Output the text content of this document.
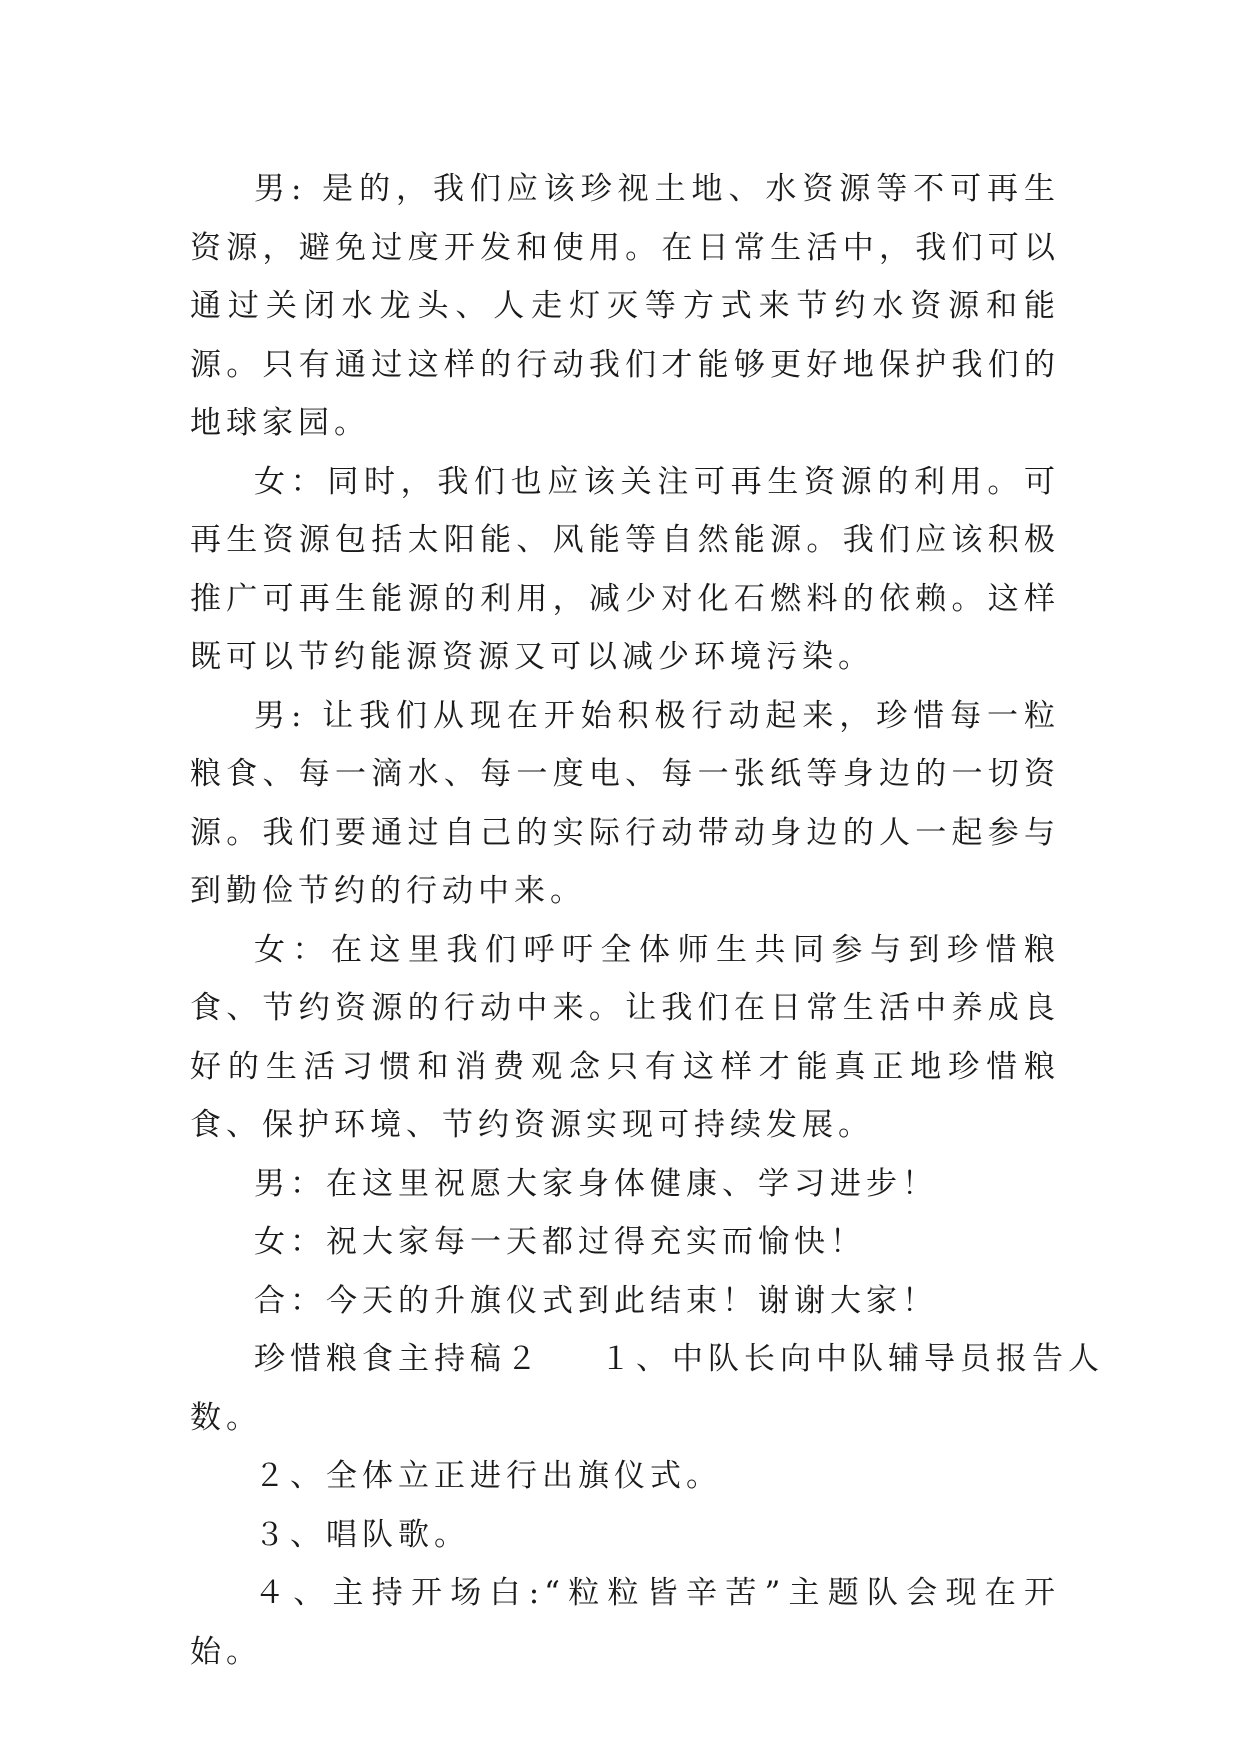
男: 是的，我们应该珍视土地、水资源等不可再生资源，避免过度开发和使用。在日常生活中，我们可以通过关闭水龙头、人走灯灭等方式来节约水资源和能源。只有通过这样的行动我们才能够更好地保护我们的地球家园。

女：同时，我们也应该关注可再生资源的利用。可再生资源包括太阳能、风能等自然能源。我们应该积极推广可再生能源的利用，减少对化石燃料的依赖。这样既可以节约能源资源又可以减少环境污染。

男: 让我们从现在开始积极行动起来，珍惜每一粒粮食、每一滴水、每一度电、每一张纸等身边的一切资源。我们要通过自己的实际行动带动身边的人一起参与到勤俭节约的行动中来。

女：在这里我们呼吁全体师生共同参与到珍惜粮食、节约资源的行动中来。让我们在日常生活中养成良好的生活习惯和消费观念只有这样才能真正地珍惜粮食、保护环境、节约资源实现可持续发展。

男：在这里祝愿大家身体健康、学习进步！

女：祝大家每一天都过得充实而愉快！

合：今天的升旗仪式到此结束！谢谢大家！

珍惜粮食主持稿２ １、中队长向中队辅导员报告人

数。

２、全体立正进行出旗仪式。

３、唱队歌。

４、主持开场白:“粒粒皆辛苦”主题队会现在开始。
